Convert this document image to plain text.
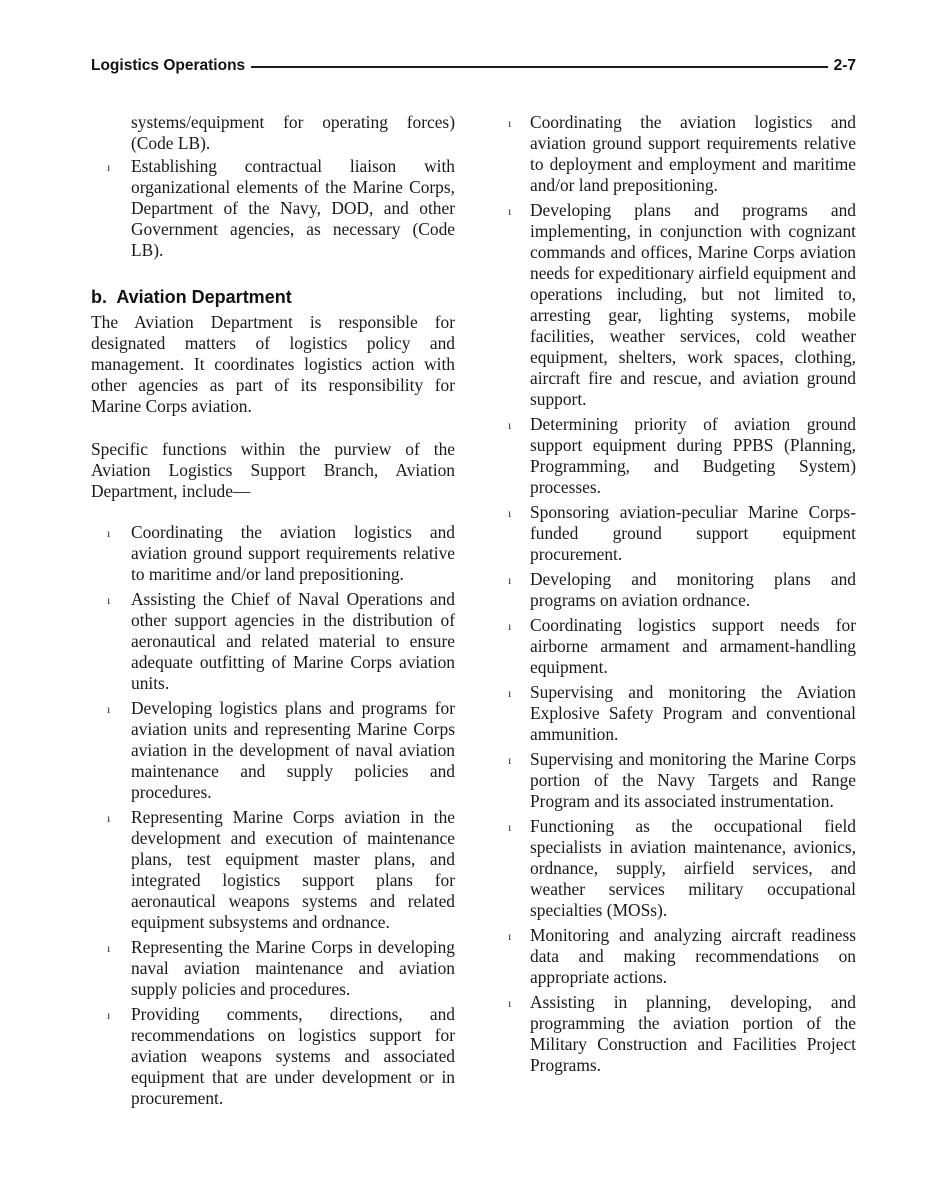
Logistics Operations	2-7
systems/equipment for operating forces) (Code LB).
ı Establishing contractual liaison with organizational elements of the Marine Corps, Department of the Navy, DOD, and other Government agencies, as necessary (Code LB).
b.  Aviation Department

The Aviation Department is responsible for designated matters of logistics policy and management. It coordinates logistics action with other agencies as part of its responsibility for Marine Corps aviation.

Specific functions within the purview of the Aviation Logistics Support Branch, Aviation Department, include—

ı Coordinating the aviation logistics and aviation ground support requirements relative to maritime and/or land prepositioning.
ı Assisting the Chief of Naval Operations and other support agencies in the distribution of aeronautical and related material to ensure adequate outfitting of Marine Corps aviation units.
ı Developing logistics plans and programs for aviation units and representing Marine Corps aviation in the development of naval aviation maintenance and supply policies and procedures.
ı Representing Marine Corps aviation in the development and execution of maintenance plans, test equipment master plans, and integrated logistics support plans for aeronautical weapons systems and related equipment subsystems and ordnance.
ı Representing the Marine Corps in developing naval aviation maintenance and aviation supply policies and procedures.
ı Providing comments, directions, and recommendations on logistics support for aviation weapons systems and associated equipment that are under development or in procurement.
ı Coordinating the aviation logistics and aviation ground support requirements relative to deployment and employment and maritime and/or land prepositioning.
ı Developing plans and programs and implementing, in conjunction with cognizant commands and offices, Marine Corps aviation needs for expeditionary airfield equipment and operations including, but not limited to, arresting gear, lighting systems, mobile facilities, weather services, cold weather equipment, shelters, work spaces, clothing, aircraft fire and rescue, and aviation ground support.
ı Determining priority of aviation ground support equipment during PPBS (Planning, Programming, and Budgeting System) processes.
ı Sponsoring aviation-peculiar Marine Corps-funded ground support equipment procurement.
ı Developing and monitoring plans and programs on aviation ordnance.
ı Coordinating logistics support needs for airborne armament and armament-handling equipment.
ı Supervising and monitoring the Aviation Explosive Safety Program and conventional ammunition.
ı Supervising and monitoring the Marine Corps portion of the Navy Targets and Range Program and its associated instrumentation.
ı Functioning as the occupational field specialists in aviation maintenance, avionics, ordnance, supply, airfield services, and weather services military occupational specialties (MOSs).
ı Monitoring and analyzing aircraft readiness data and making recommendations on appropriate actions.
ı Assisting in planning, developing, and programming the aviation portion of the Military Construction and Facilities Project Programs.
